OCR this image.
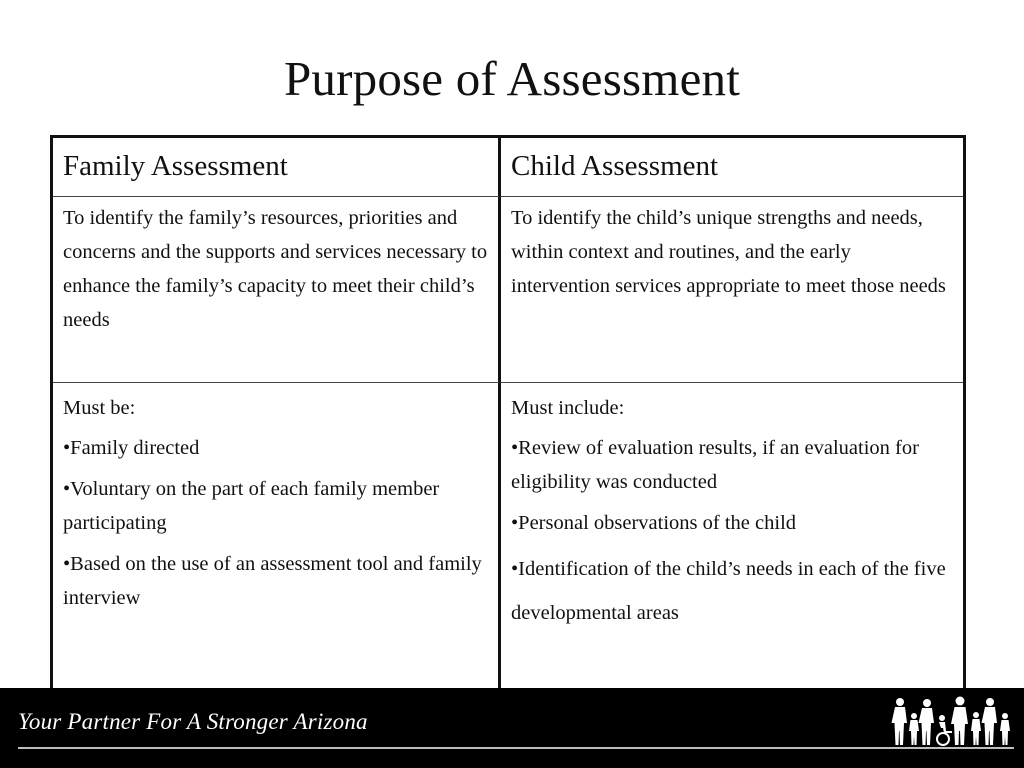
Purpose of Assessment
Family Assessment	Child Assessment
To identify the family’s resources, priorities and concerns and the supports and services necessary to enhance the family’s capacity to meet their child’s needs
To identify the child’s unique strengths and needs, within context and routines, and the early intervention services appropriate to meet those needs
Must be:
•Family directed
•Voluntary on the part of each family member participating
•Based on the use of an assessment tool and family interview
Must include:
•Review of evaluation results, if an evaluation for eligibility was conducted
•Personal observations of the child
•Identification of the child’s needs in each of the five developmental areas
Your Partner For A Stronger Arizona
